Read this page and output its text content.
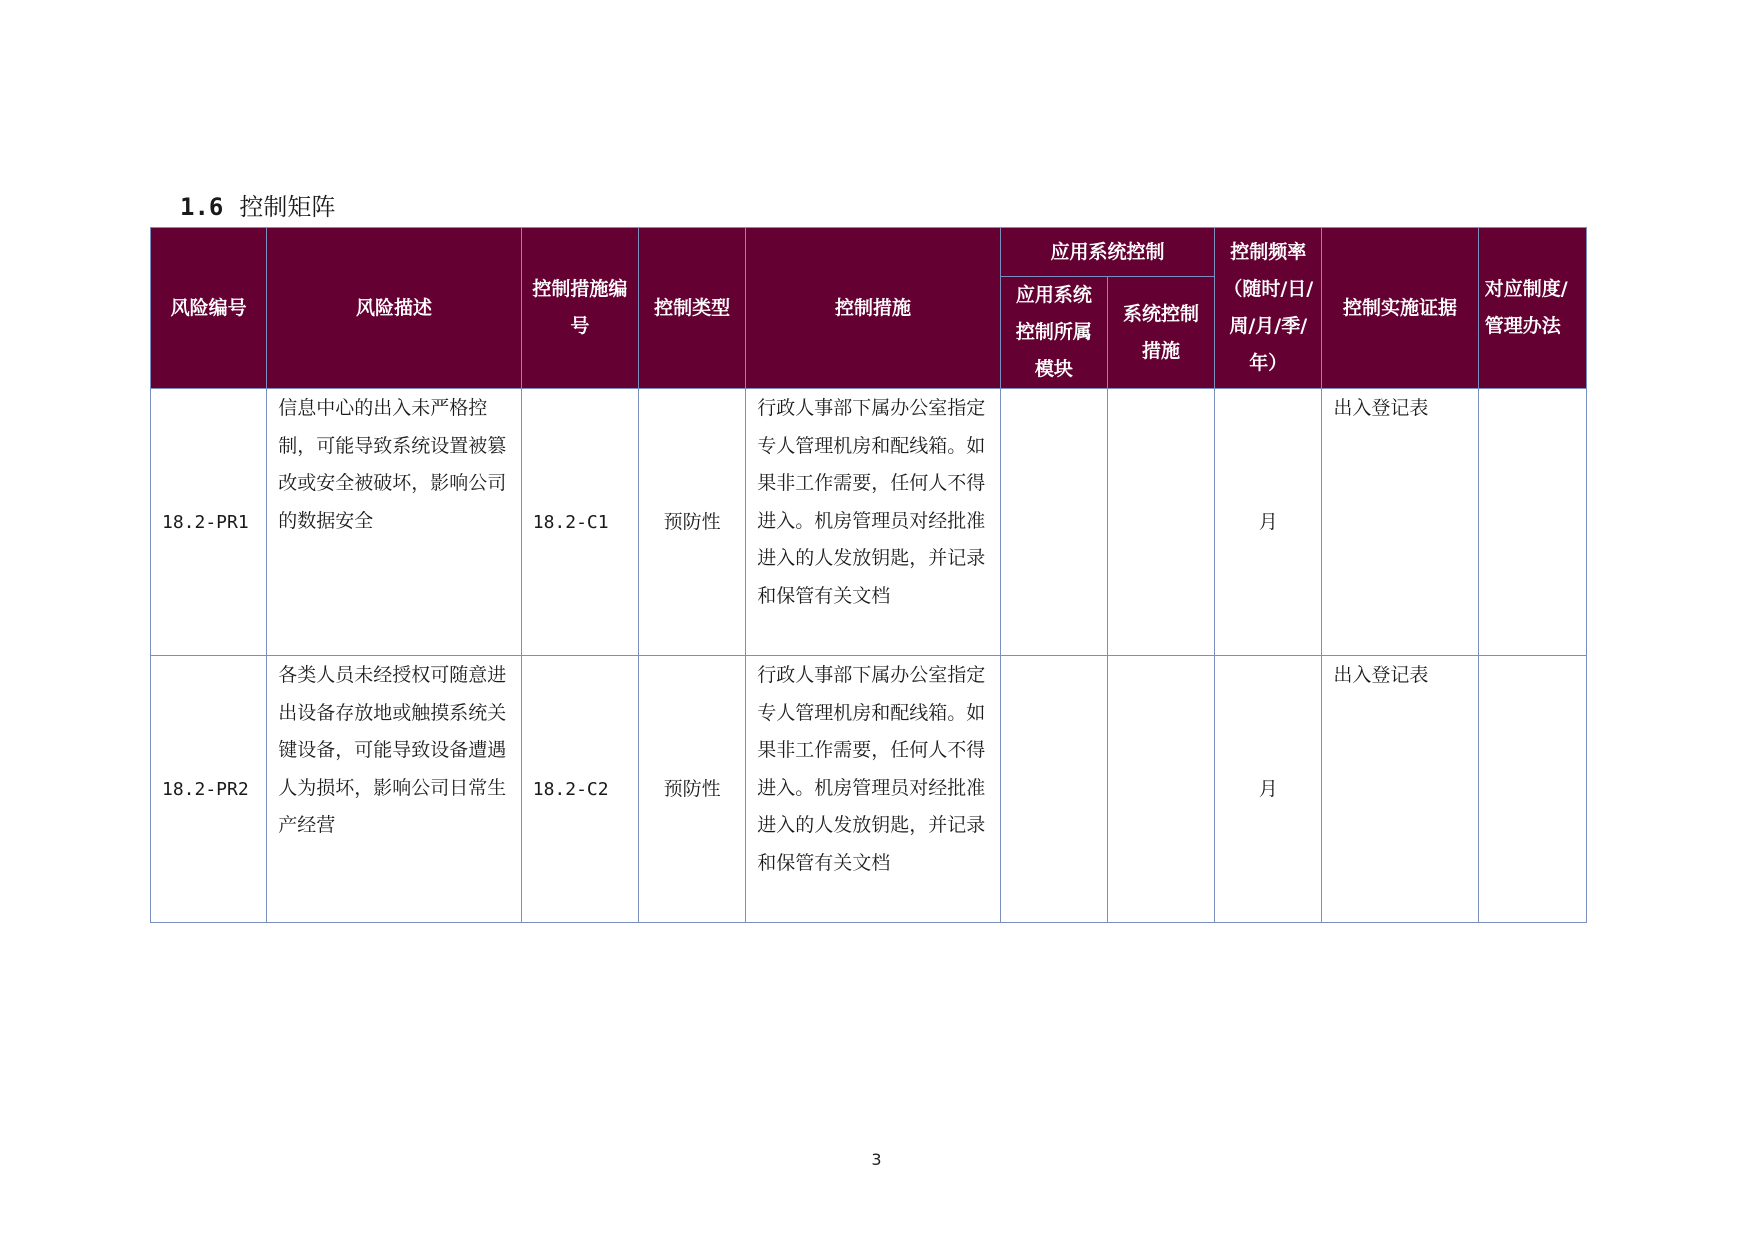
1.6 控制矩阵
风险编号	风险描述	控制措施编号	控制类型	控制措施	应用系统控制		控制频率（随时/日/周/月/季/年）	控制实施证据	对应制度/管理办法
					应用系统控制所属模块	系统控制措施			
18.2-PR1	信息中心的出入未严格控制，可能导致系统设置被篡改或安全被破坏，影响公司的数据安全	18.2-C1	预防性	行政人事部下属办公室指定专人管理机房和配线箱。如果非工作需要，任何人不得进入。机房管理员对经批准进入的人发放钥匙，并记录和保管有关文档			月	出入登记表	
18.2-PR2	各类人员未经授权可随意进出设备存放地或触摸系统关键设备，可能导致设备遭遇人为损坏，影响公司日常生产经营	18.2-C2	预防性	行政人事部下属办公室指定专人管理机房和配线箱。如果非工作需要，任何人不得进入。机房管理员对经批准进入的人发放钥匙，并记录和保管有关文档			月	出入登记表	
3
